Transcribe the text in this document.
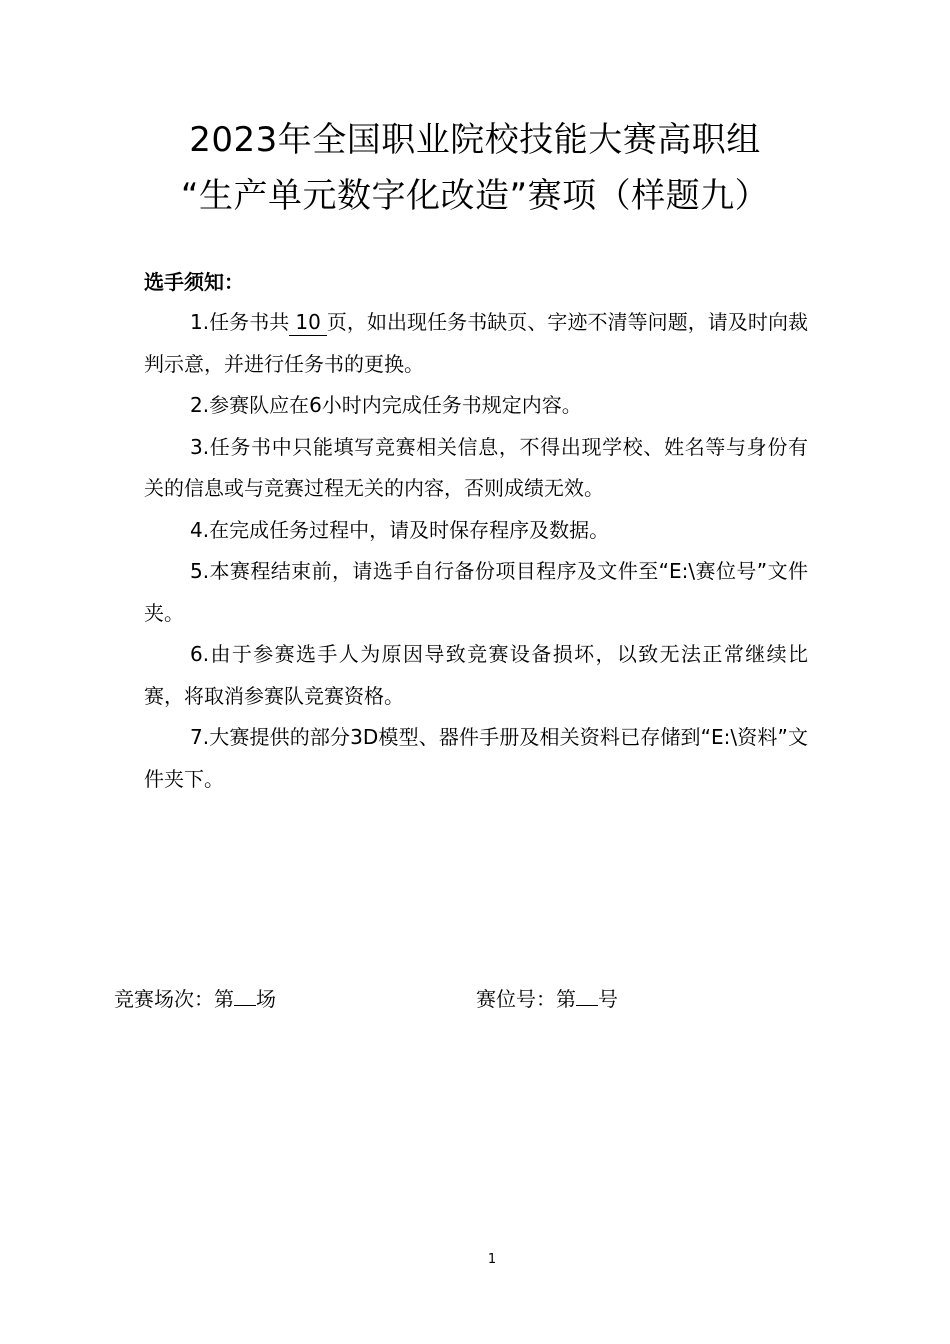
2023年全国职业院校技能大赛高职组
“生产单元数字化改造”赛项（样题九）
选手须知：

1.任务书共 10 页，如出现任务书缺页、字迹不清等问题，请及时向裁判示意，并进行任务书的更换。

2.参赛队应在6小时内完成任务书规定内容。

3.任务书中只能填写竞赛相关信息，不得出现学校、姓名等与身份有关的信息或与竞赛过程无关的内容，否则成绩无效。

4.在完成任务过程中，请及时保存程序及数据。

5.本赛程结束前，请选手自行备份项目程序及文件至“E:\赛位号”文件夹。

6.由于参赛选手人为原因导致竞赛设备损坏，以致无法正常继续比赛，将取消参赛队竞赛资格。

7.大赛提供的部分3D模型、器件手册及相关资料已存储到“E:\资料”文件夹下。

竞赛场次：第 场	赛位号：第 号
1
